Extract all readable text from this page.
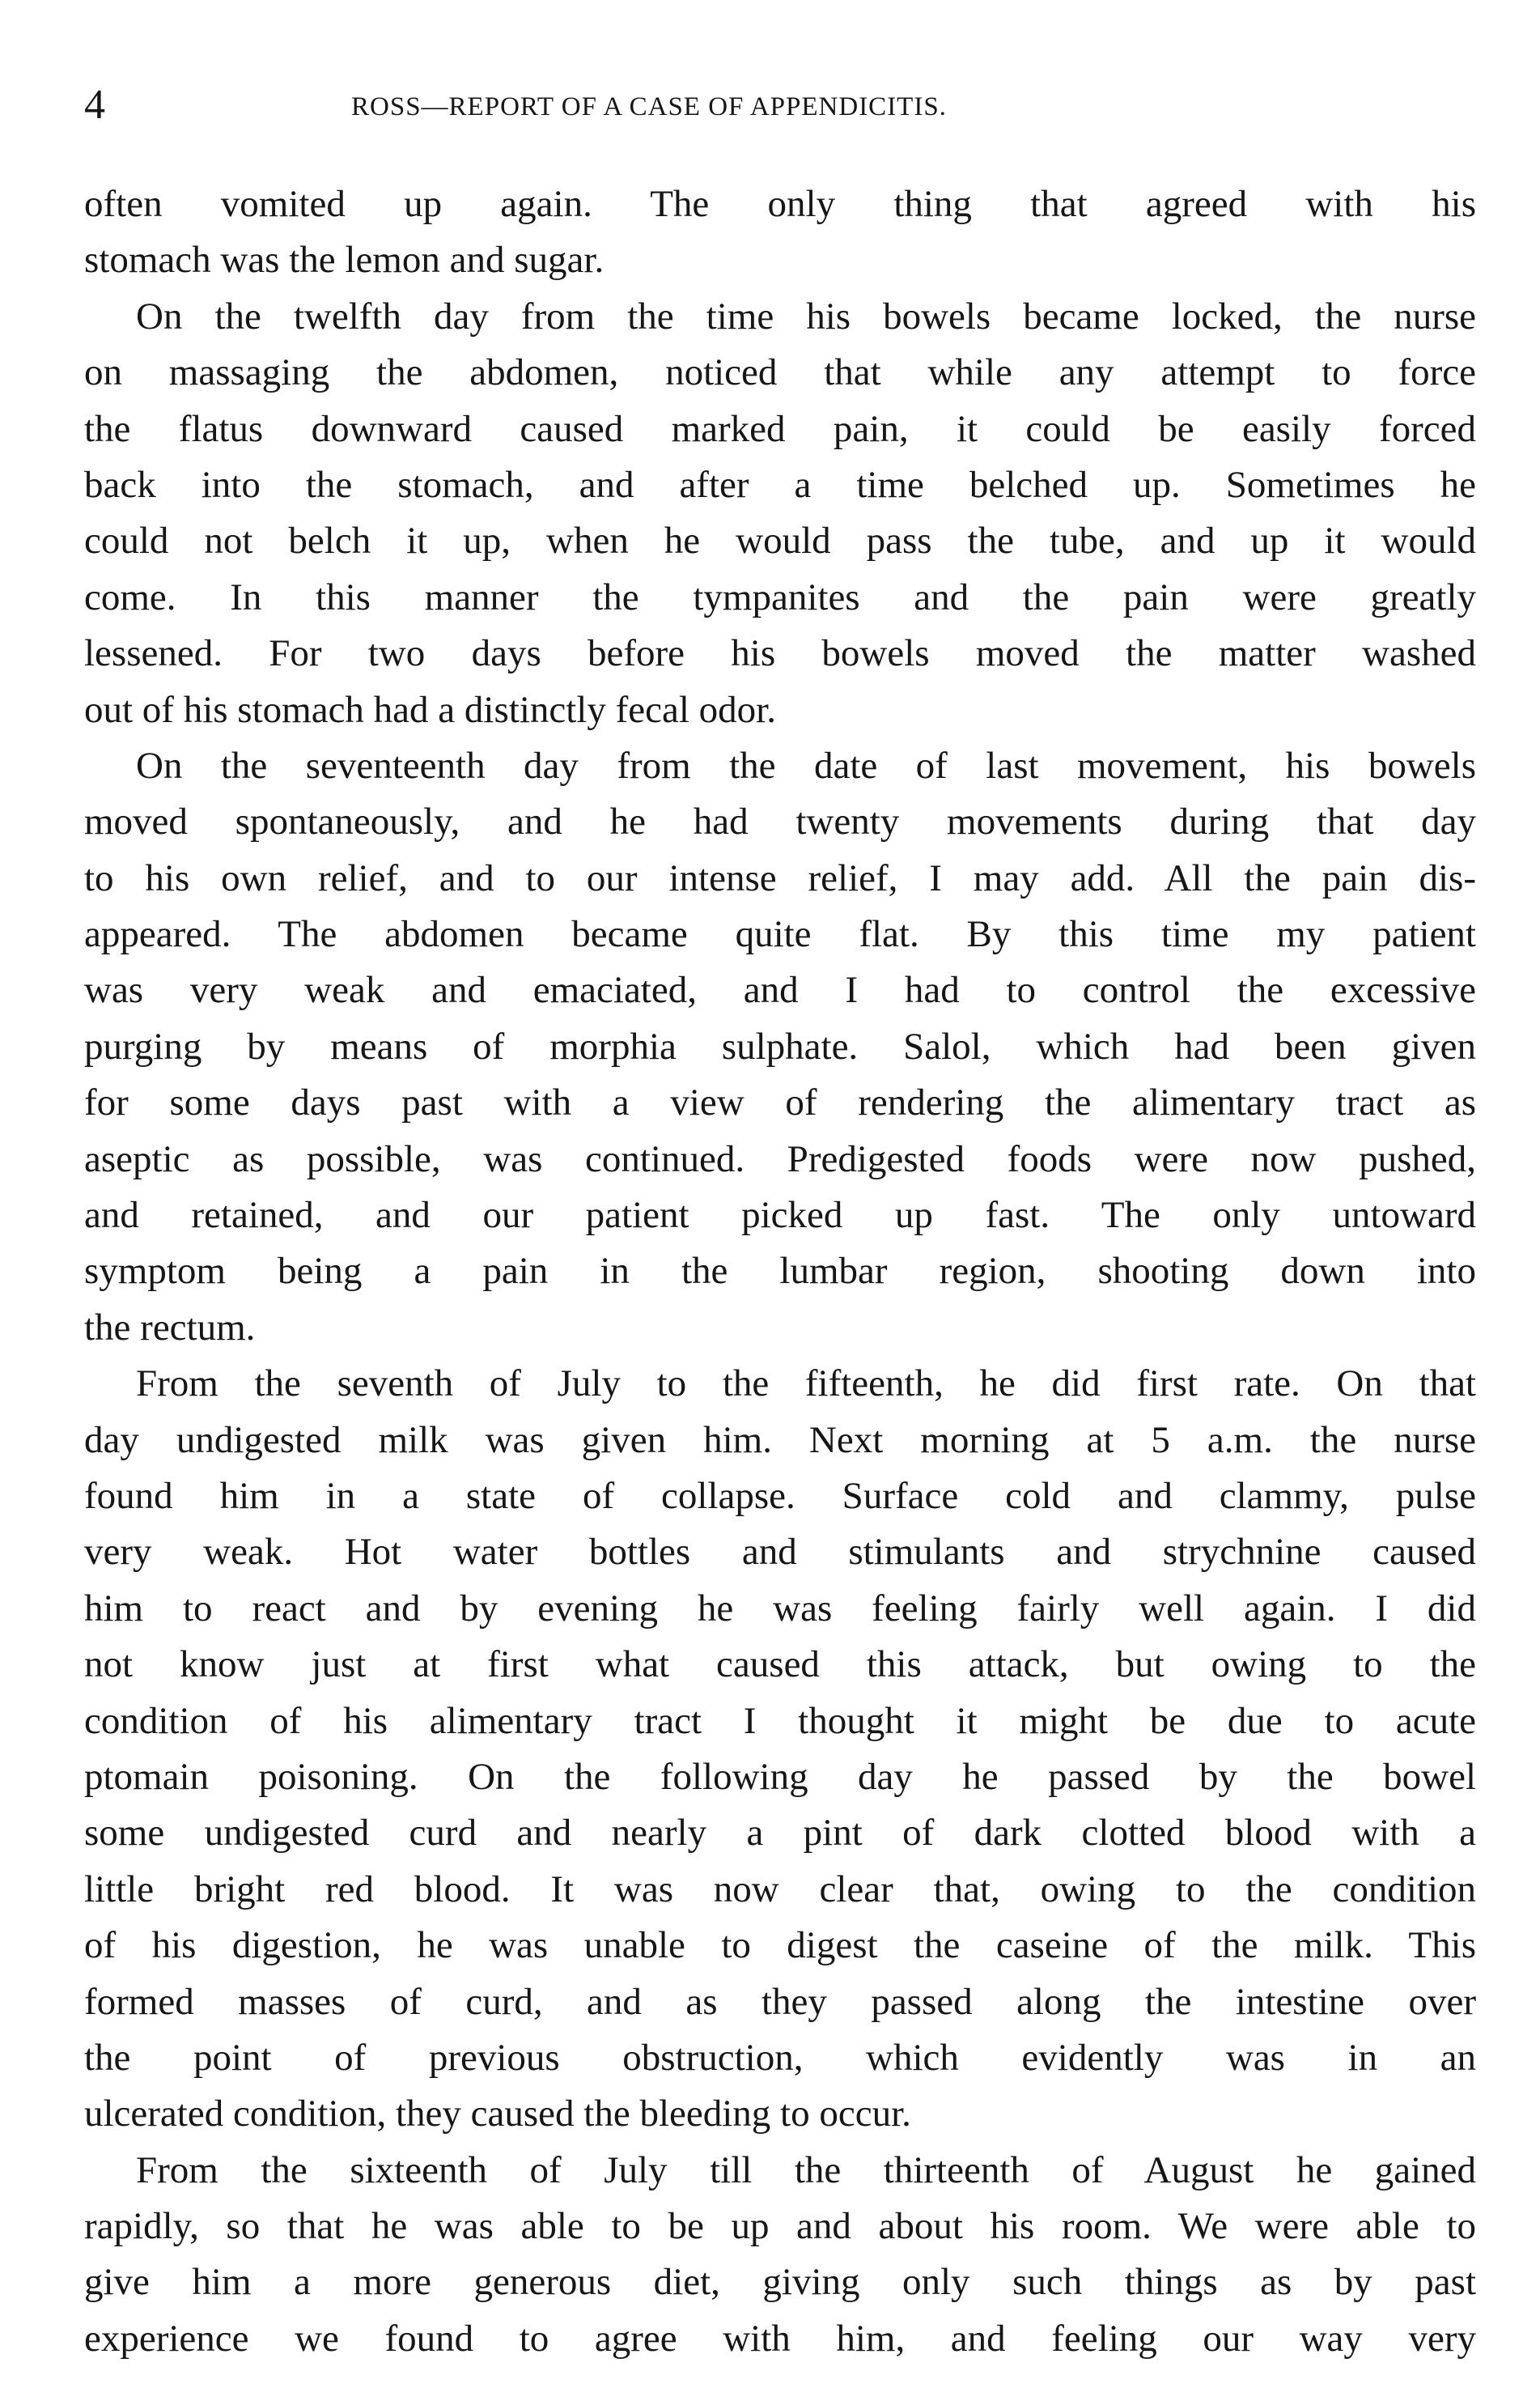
4	ROSS—REPORT OF A CASE OF APPENDICITIS.
often vomited up again. The only thing that agreed with his
stomach was the lemon and sugar.
On the twelfth day from the time his bowels became locked, the nurse
on massaging the abdomen, noticed that while any attempt to force
the flatus downward caused marked pain, it could be easily forced
back into the stomach, and after a time belched up. Sometimes he
could not belch it up, when he would pass the tube, and up it would
come. In this manner the tympanites and the pain were greatly
lessened. For two days before his bowels moved the matter washed
out of his stomach had a distinctly fecal odor.
On the seventeenth day from the date of last movement, his bowels
moved spontaneously, and he had twenty movements during that day
to his own relief, and to our intense relief, I may add. All the pain dis-
appeared. The abdomen became quite flat. By this time my patient
was very weak and emaciated, and I had to control the excessive
purging by means of morphia sulphate. Salol, which had been given
for some days past with a view of rendering the alimentary tract as
aseptic as possible, was continued. Predigested foods were now pushed,
and retained, and our patient picked up fast. The only untoward
symptom being a pain in the lumbar region, shooting down into
the rectum.
From the seventh of July to the fifteenth, he did first rate. On that
day undigested milk was given him. Next morning at 5 a.m. the nurse
found him in a state of collapse. Surface cold and clammy, pulse
very weak. Hot water bottles and stimulants and strychnine caused
him to react and by evening he was feeling fairly well again. I did
not know just at first what caused this attack, but owing to the
condition of his alimentary tract I thought it might be due to acute
ptomain poisoning. On the following day he passed by the bowel
some undigested curd and nearly a pint of dark clotted blood with a
little bright red blood. It was now clear that, owing to the condition
of his digestion, he was unable to digest the caseine of the milk. This
formed masses of curd, and as they passed along the intestine over
the point of previous obstruction, which evidently was in an
ulcerated condition, they caused the bleeding to occur.
From the sixteenth of July till the thirteenth of August he gained
rapidly, so that he was able to be up and about his room. We were able to
give him a more generous diet, giving only such things as by past
experience we found to agree with him, and feeling our way very
